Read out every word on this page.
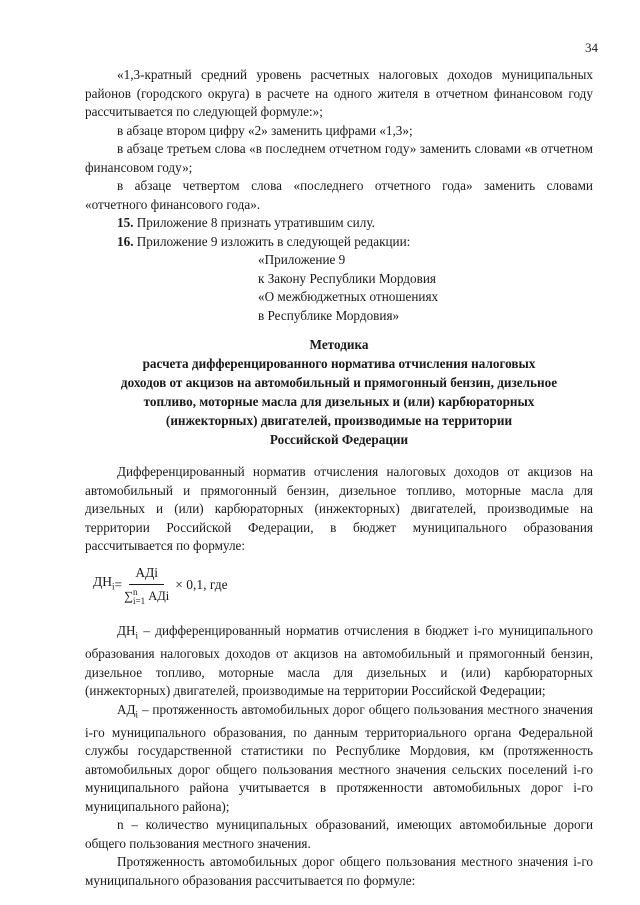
34

«1,3-кратный средний уровень расчетных налоговых доходов муниципальных районов (городского округа) в расчете на одного жителя в отчетном финансовом году рассчитывается по следующей формуле:»;

в абзаце втором цифру «2» заменить цифрами «1,3»;

в абзаце третьем слова «в последнем отчетном году» заменить словами «в отчетном финансовом году»;

в абзаце четвертом слова «последнего отчетного года» заменить словами «отчетного финансового года».

15. Приложение 8 признать утратившим силу.

16. Приложение 9 изложить в следующей редакции:

«Приложение 9

к Закону Республики Мордовия

«О межбюджетных отношениях

в Республике Мордовия»

Методика
расчета дифференцированного норматива отчисления налоговых
доходов от акцизов на автомобильный и прямогонный бензин, дизельное
топливо, моторные масла для дизельных и (или) карбюраторных
(инжекторных) двигателей, производимые на территории
Российской Федерации

Дифференцированный норматив отчисления налоговых доходов от акцизов на автомобильный и прямогонный бензин, дизельное топливо, моторные масла для дизельных и (или) карбюраторных (инжекторных) двигателей, производимые на территории Российской Федерации, в бюджет муниципального образования рассчитывается по формуле:

$ДН_i$ = АДi
∑ n
i=1 АДi × 0,1, где

$ДН_i$ – дифференцированный норматив отчисления в бюджет i-го муниципального образования налоговых доходов от акцизов на автомобильный и прямогонный бензин, дизельное топливо, моторные масла для дизельных и (или) карбюраторных (инжекторных) двигателей, производимые на территории Российской Федерации;

$АД_i$ – протяженность автомобильных дорог общего пользования местного значения i-го муниципального образования, по данным территориального органа Федеральной службы государственной статистики по Республике Мордовия, км (протяженность автомобильных дорог общего пользования местного значения сельских поселений i-го муниципального района учитывается в протяженности автомобильных дорог i-го муниципального района);

n – количество муниципальных образований, имеющих автомобильные дороги общего пользования местного значения.

Протяженность автомобильных дорог общего пользования местного значения i-го муниципального образования рассчитывается по формуле:
